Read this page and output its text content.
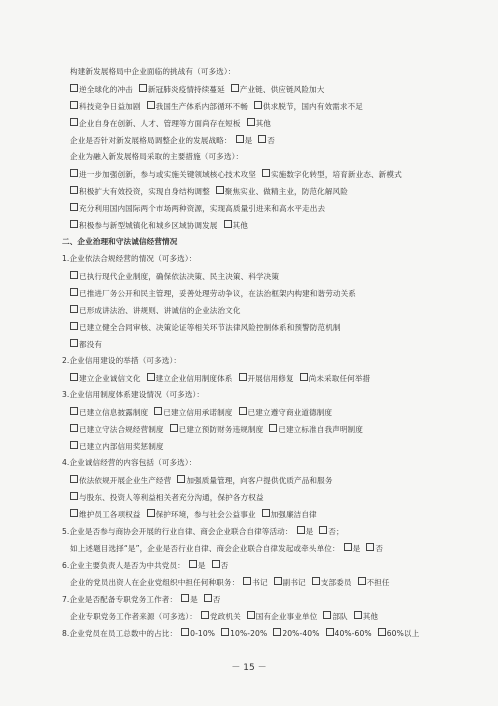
构建新发展格局中企业面临的挑战有（可多选）：
逆全球化的冲击 新冠肺炎疫情持续蔓延 产业链、供应链风险加大
科技竞争日益加剧 我国生产体系内部循环不畅 供求脱节，国内有效需求不足
企业自身在创新、人才、管理等方面尚存在短板 其他
企业是否针对新发展格局调整企业的发展战略： 是 否
企业为融入新发展格局采取的主要措施（可多选）：
进一步加强创新，参与或实施关键领域核心技术攻坚 实施数字化转型，培育新业态、新模式
积极扩大有效投资，实现自身结构调整 聚焦实业、做精主业，防范化解风险
充分利用国内国际两个市场两种资源，实现高质量引进来和高水平走出去
积极参与新型城镇化和城乡区域协调发展 其他
二、企业治理和守法诚信经营情况
1.企业依法合规经营的情况（可多选）：
已执行现代企业制度，确保依法决策、民主决策、科学决策
已推进厂务公开和民主管理，妥善处理劳动争议，在法治框架内构建和谐劳动关系
已形成讲法治、讲规则、讲诚信的企业法治文化
已建立健全合同审核、决策论证等相关环节法律风险控制体系和预警防范机制
都没有
2.企业信用建设的举措（可多选）：
建立企业诚信文化 建立企业信用制度体系 开展信用修复 尚未采取任何举措
3.企业信用制度体系建设情况（可多选）：
已建立信息披露制度 已建立信用承诺制度 已建立遵守商业道德制度
已建立守法合规经营制度 已建立预防财务违规制度 已建立标准自我声明制度
已建立内部信用奖惩制度
4.企业诚信经营的内容包括（可多选）：
依法依规开展企业生产经营 加强质量管理，向客户提供优质产品和服务
与股东、投资人等利益相关者充分沟通，保护各方权益
维护员工各项权益 保护环境，参与社会公益事业 加强廉洁自律
5.企业是否参与商协会开展的行业自律、商会企业联合自律等活动： 是 否；
如上述题目选择“是”，企业是否行业自律、商会企业联合自律发起或牵头单位： 是 否
6.企业主要负责人是否为中共党员： 是 否
企业的党员出资人在企业党组织中担任何种职务： 书记 副书记 支部委员 不担任
7.企业是否配备专职党务工作者： 是 否
企业专职党务工作者来源（可多选）： 党政机关 国有企业事业单位 部队 其他
8.企业党员在员工总数中的占比： 0-10% 10%-20% 20%-40% 40%-60% 60%以上
－ 15 －
